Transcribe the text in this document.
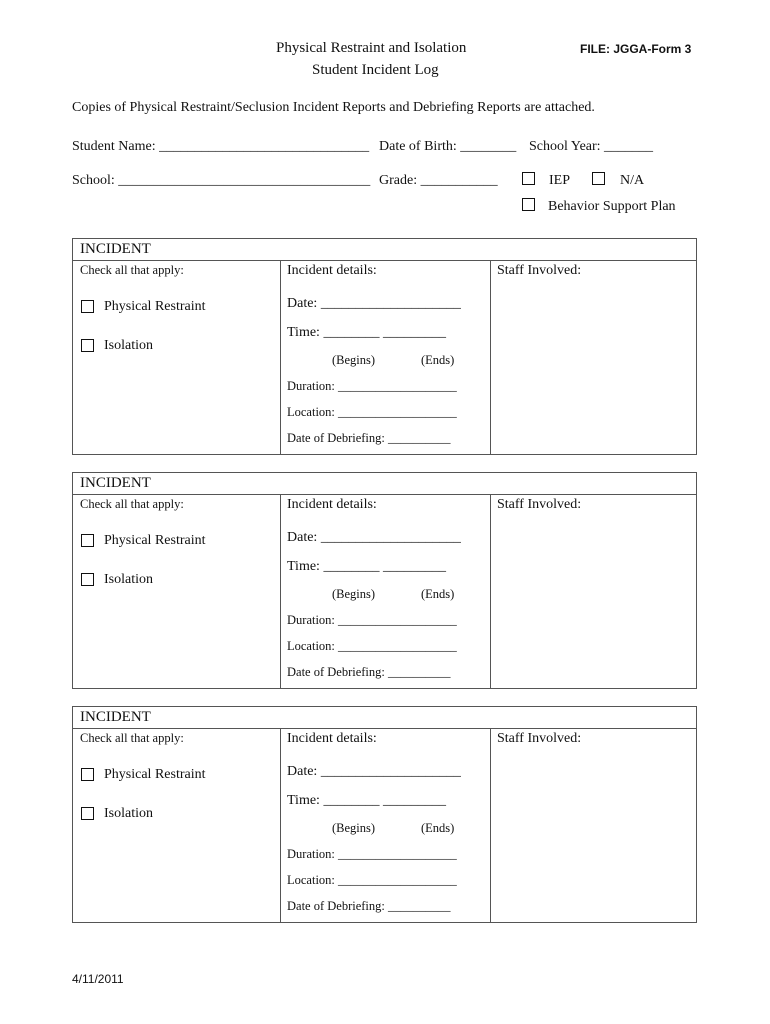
Physical Restraint and Isolation
Student Incident Log
FILE: JGGA-Form 3
Copies of Physical Restraint/Seclusion Incident Reports and Debriefing Reports are attached.
Student Name: ______________________________ Date of Birth: ________ School Year: _______
School: ____________________________________ Grade: ___________	IEP	N/A
Behavior Support Plan
INCIDENT
Check all that apply:
Physical Restraint
Isolation
Incident details:
Date: ____________________
Time: ________ _________
(Begins)	(Ends)
Duration: ___________________
Location: ___________________
Date of Debriefing: __________
Staff Involved:
INCIDENT
Check all that apply:
Physical Restraint
Isolation
Incident details:
Date: ____________________
Time: ________ _________
(Begins)	(Ends)
Duration: ___________________
Location: ___________________
Date of Debriefing: __________
Staff Involved:
INCIDENT
Check all that apply:
Physical Restraint
Isolation
Incident details:
Date: ____________________
Time: ________ _________
(Begins)	(Ends)
Duration: ___________________
Location: ___________________
Date of Debriefing: __________
Staff Involved:
4/11/2011
